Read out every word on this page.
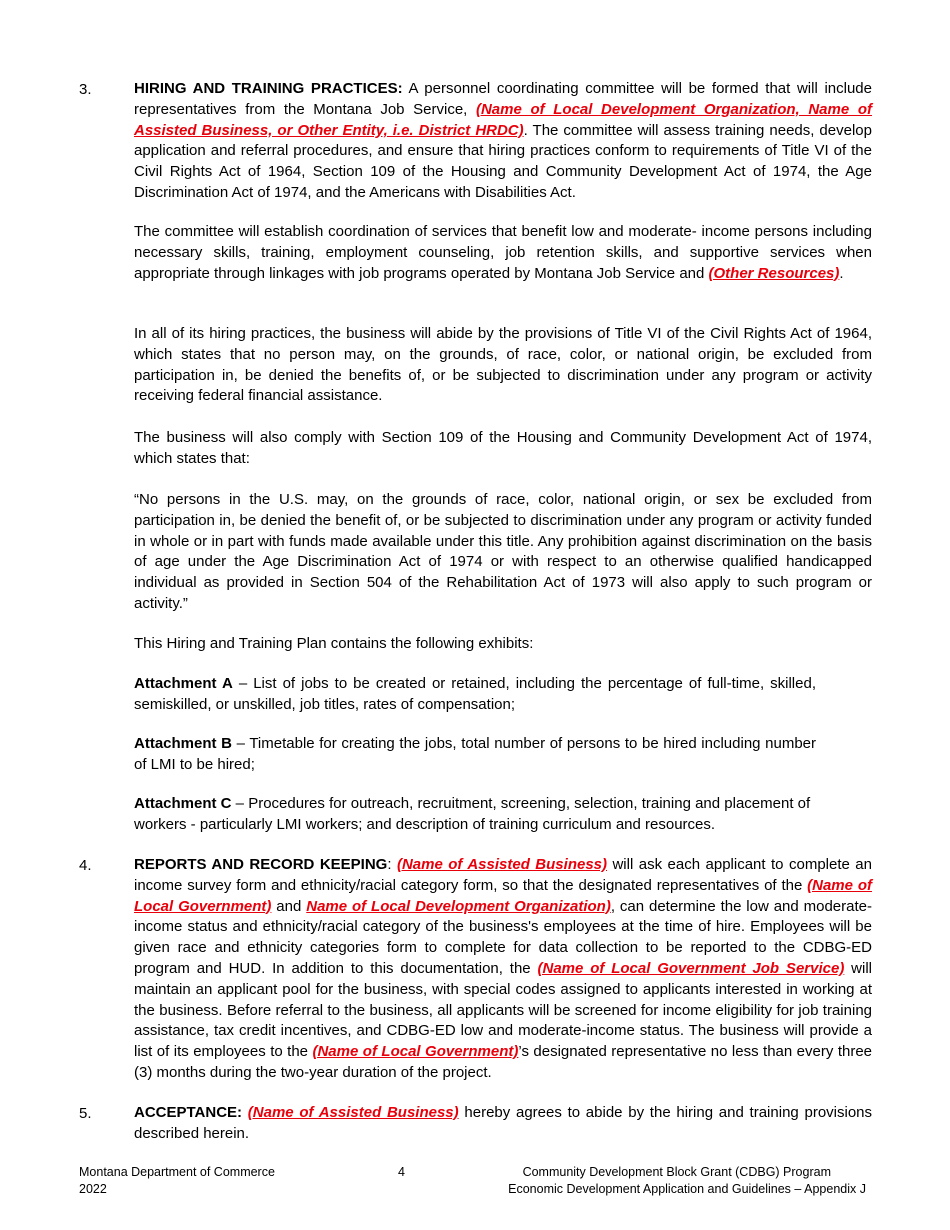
3.	HIRING AND TRAINING PRACTICES: A personnel coordinating committee will be formed that will include representatives from the Montana Job Service, (Name of Local Development Organization, Name of Assisted Business, or Other Entity, i.e. District HRDC). The committee will assess training needs, develop application and referral procedures, and ensure that hiring practices conform to requirements of Title VI of the Civil Rights Act of 1964, Section 109 of the Housing and Community Development Act of 1974, the Age Discrimination Act of 1974, and the Americans with Disabilities Act.

The committee will establish coordination of services that benefit low and moderate- income persons including necessary skills, training, employment counseling, job retention skills, and supportive services when appropriate through linkages with job programs operated by Montana Job Service and (Other Resources).

In all of its hiring practices, the business will abide by the provisions of Title VI of the Civil Rights Act of 1964, which states that no person may, on the grounds, of race, color, or national origin, be excluded from participation in, be denied the benefits of, or be subjected to discrimination under any program or activity receiving federal financial assistance.

The business will also comply with Section 109 of the Housing and Community Development Act of 1974, which states that:

“No persons in the U.S. may, on the grounds of race, color, national origin, or sex be excluded from participation in, be denied the benefit of, or be subjected to discrimination under any program or activity funded in whole or in part with funds made available under this title. Any prohibition against discrimination on the basis of age under the Age Discrimination Act of 1974 or with respect to an otherwise qualified handicapped individual as provided in Section 504 of the Rehabilitation Act of 1973 will also apply to such program or activity.”

This Hiring and Training Plan contains the following exhibits:

Attachment A – List of jobs to be created or retained, including the percentage of full-time, skilled, semiskilled, or unskilled, job titles, rates of compensation;

Attachment B – Timetable for creating the jobs, total number of persons to be hired including number of LMI to be hired;

Attachment C – Procedures for outreach, recruitment, screening, selection, training and placement of workers - particularly LMI workers; and description of training curriculum and resources.

4.	REPORTS AND RECORD KEEPING: (Name of Assisted Business) will ask each applicant to complete an income survey form and ethnicity/racial category form, so that the designated representatives of the (Name of Local Government) and Name of Local Development Organization), can determine the low and moderate-income status and ethnicity/racial category of the business's employees at the time of hire. Employees will be given race and ethnicity categories form to complete for data collection to be reported to the CDBG-ED program and HUD. In addition to this documentation, the (Name of Local Government Job Service) will maintain an applicant pool for the business, with special codes assigned to applicants interested in working at the business. Before referral to the business, all applicants will be screened for income eligibility for job training assistance, tax credit incentives, and CDBG-ED low and moderate-income status. The business will provide a list of its employees to the (Name of Local Government)’s designated representative no less than every three (3) months during the two-year duration of the project.

5.	ACCEPTANCE: (Name of Assisted Business) hereby agrees to abide by the hiring and training provisions described herein.

Montana Department of Commerce
2022
4	Community Development Block Grant (CDBG) Program
Economic Development Application and Guidelines – Appendix J
